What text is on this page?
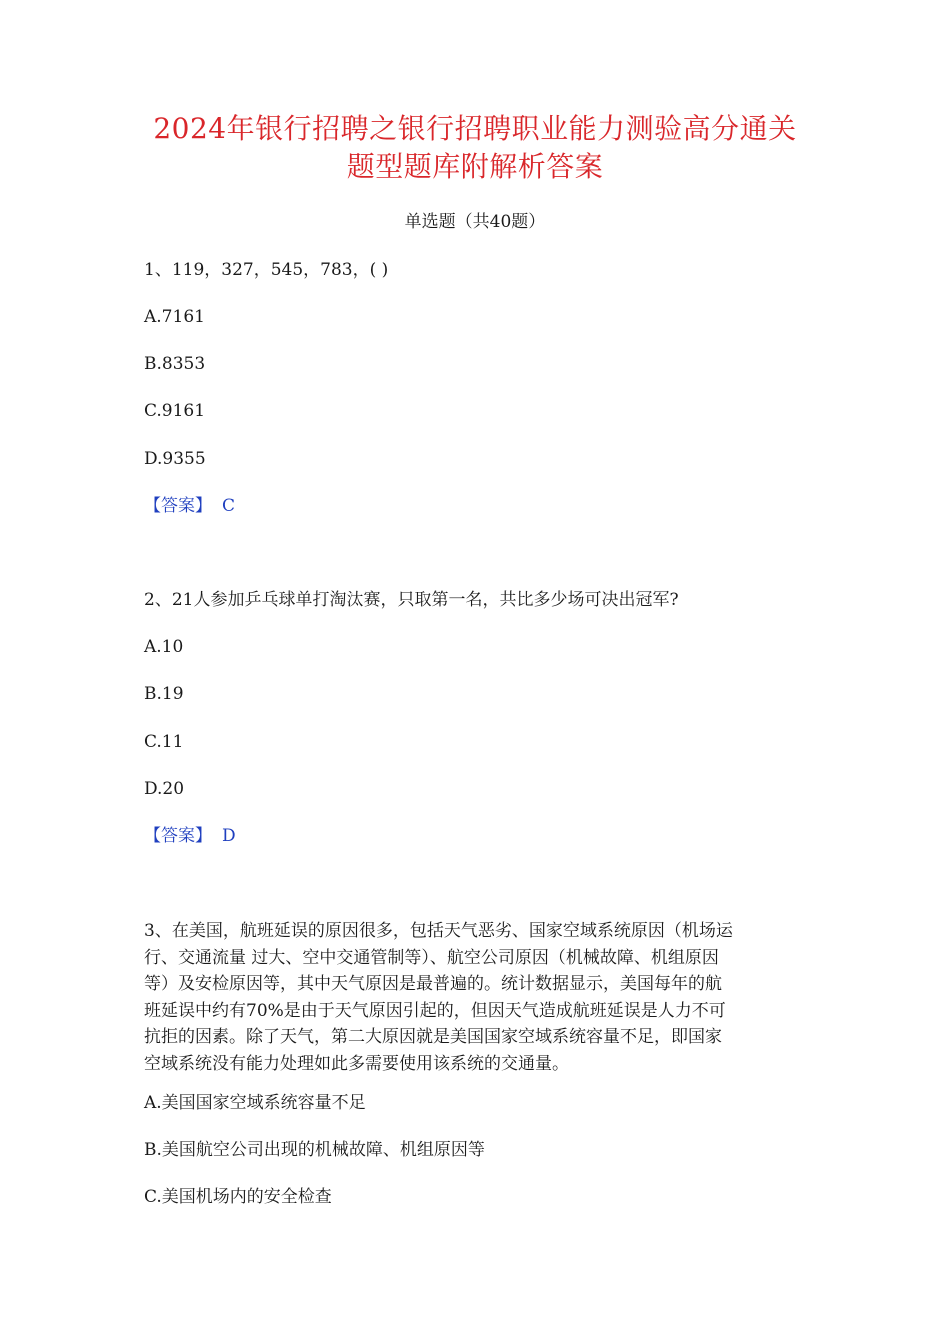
2024年银行招聘之银行招聘职业能力测验高分通关
题型题库附解析答案
单选题（共40题）
1、119，327，545，783，( )
A.7161
B.8353
C.9161
D.9355
【答案】 C
2、21人参加乒乓球单打淘汰赛，只取第一名，共比多少场可决出冠军?
A.10
B.19
C.11
D.20
【答案】 D
3、在美国，航班延误的原因很多，包括天气恶劣、国家空域系统原因（机场运
行、交通流量 过大、空中交通管制等）、航空公司原因（机械故障、机组原因
等）及安检原因等，其中天气原因是最普遍的。统计数据显示，美国每年的航
班延误中约有70%是由于天气原因引起的，但因天气造成航班延误是人力不可
抗拒的因素。除了天气，第二大原因就是美国国家空域系统容量不足，即国家
空域系统没有能力处理如此多需要使用该系统的交通量。
A.美国国家空域系统容量不足
B.美国航空公司出现的机械故障、机组原因等
C.美国机场内的安全检查
